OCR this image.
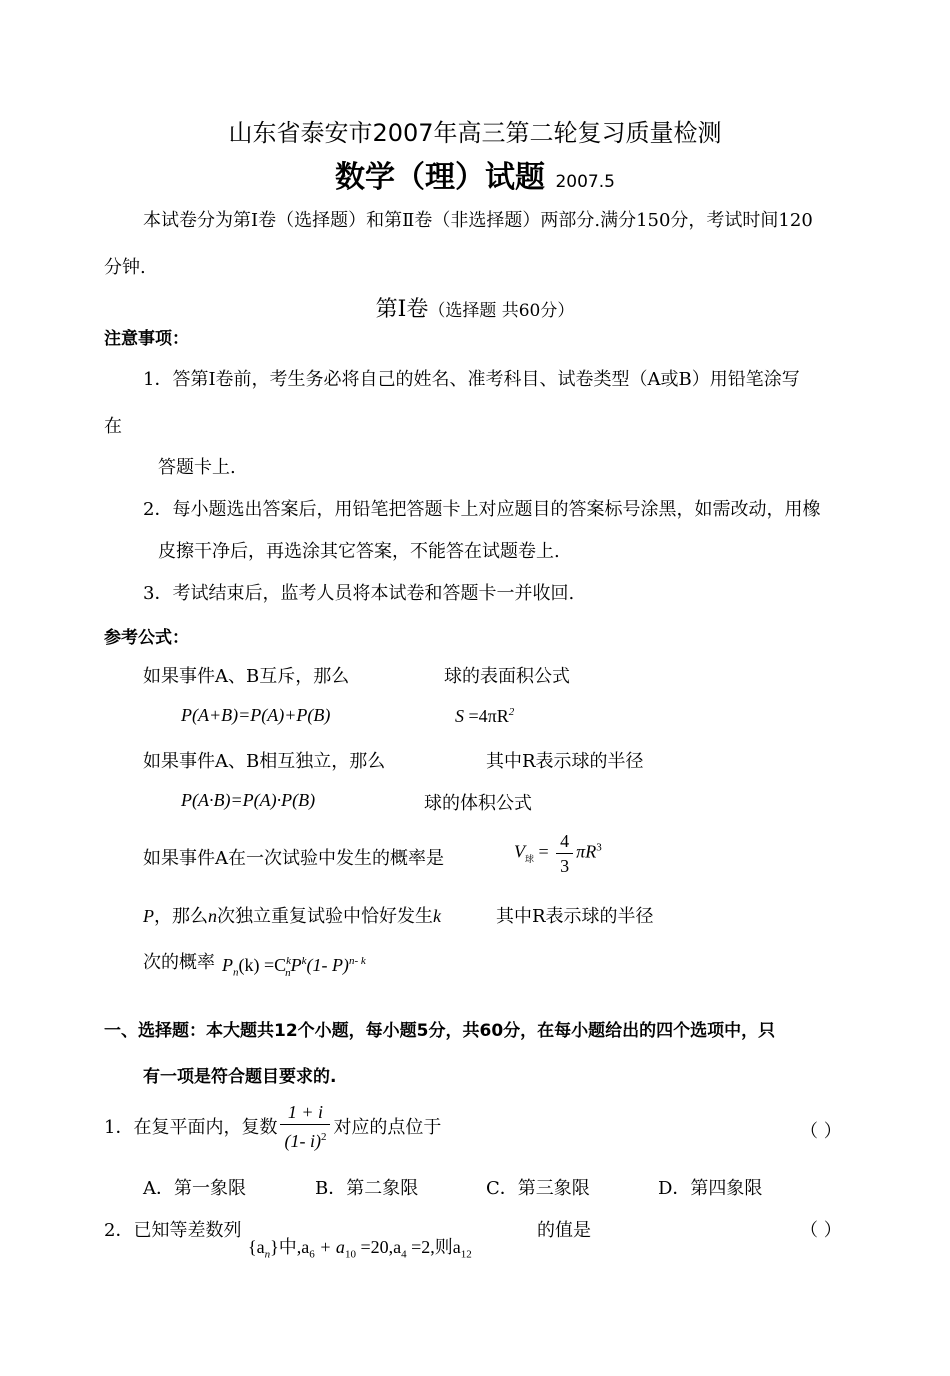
山东省泰安市2007年高三第二轮复习质量检测
数学（理）试题 2007.5
本试卷分为第Ⅰ卷（选择题）和第Ⅱ卷（非选择题）两部分.满分150分，考试时间120
分钟.
第Ⅰ卷（选择题 共60分）
注意事项：
1．答第Ⅰ卷前，考生务必将自己的姓名、准考科目、试卷类型（A或B）用铅笔涂写
在
答题卡上.
2．每小题选出答案后，用铅笔把答题卡上对应题目的答案标号涂黑，如需改动，用橡
皮擦干净后，再选涂其它答案，不能答在试题卷上.
3．考试结束后，监考人员将本试卷和答题卡一并收回.
参考公式：
如果事件A、B互斥，那么	球的表面积公式
P(A+B)=P(A)+P(B)	$S =4\pi R^2$
如果事件A、B相互独立，那么	其中R表示球的半径
P(A·B)=P(A)·P(B)	球的体积公式
如果事件A在一次试验中发生的概率是	$V_球 = \frac{4}{3} \pi R^3$
P，那么n次独立重复试验中恰好发生k	其中R表示球的半径
次的概率 $P_n(k) =C^k_nP^k(1-$ P)$^{n- k}$
一、选择题：本大题共12个小题，每小题5分，共60分，在每小题给出的四个选项中，只
有一项是符合题目要求的.
1．在复平面内，复数 $\frac{1 + i}{(1- i)^2}$ 对应的点位于	（ ）
A．第一象限	B．第二象限	C．第三象限	D．第四象限
2．已知等差数列
$\{a_n\}$中$,a_6 + a_{10} =20,a_4 =2$,则$a_{12}$
的值是	（ ）
